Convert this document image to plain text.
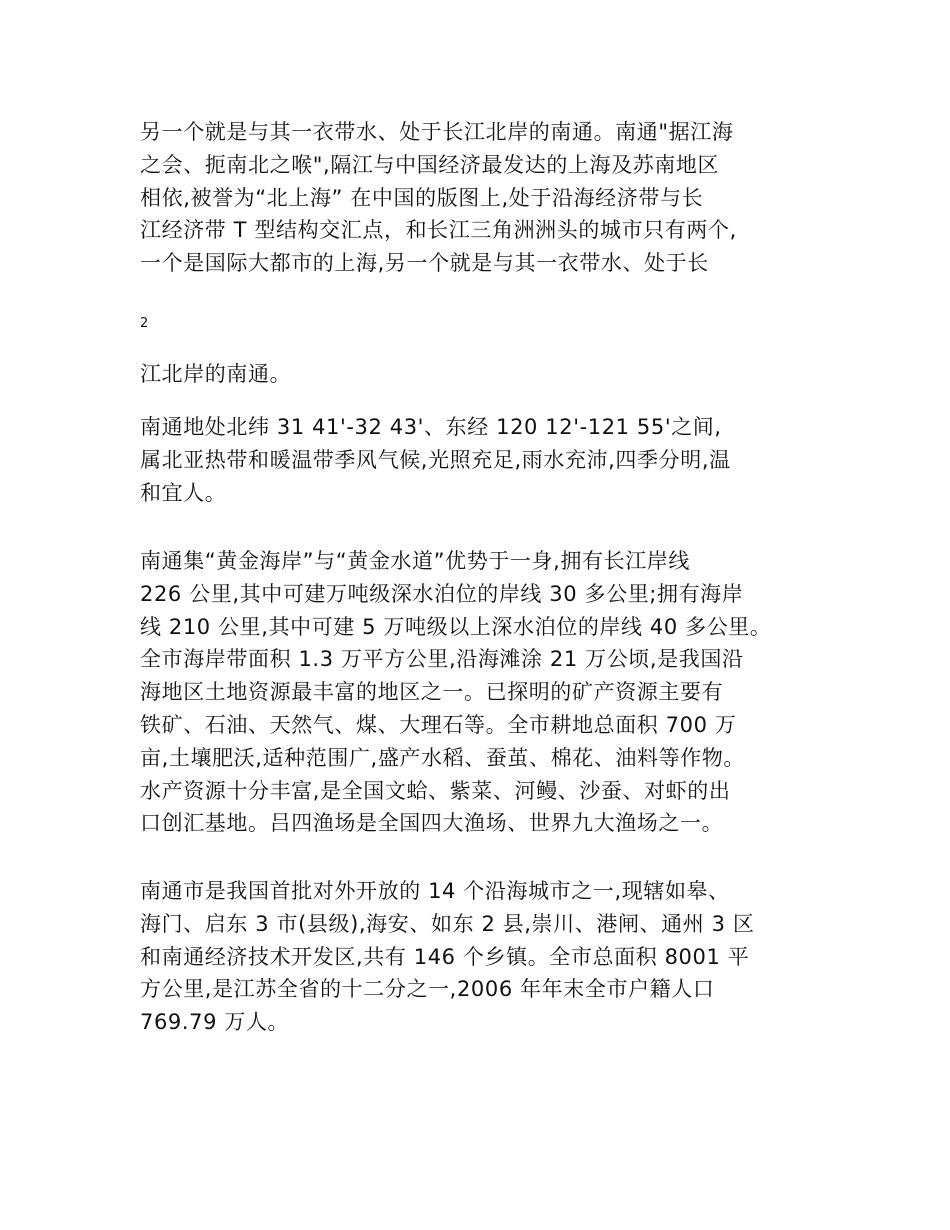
另一个就是与其一衣带水、处于长江北岸的南通。南通"据江海
之会、扼南北之喉",隔江与中国经济最发达的上海及苏南地区
相依,被誉为“北上海” 在中国的版图上,处于沿海经济带与长
江经济带 T 型结构交汇点，和长江三角洲洲头的城市只有两个,
一个是国际大都市的上海,另一个就是与其一衣带水、处于长

2

江北岸的南通。

南通地处北纬 31 41'-32 43'、东经 120 12'-121 55'之间,
属北亚热带和暖温带季风气候,光照充足,雨水充沛,四季分明,温
和宜人。

南通集“黄金海岸”与“黄金水道”优势于一身,拥有长江岸线
226 公里,其中可建万吨级深水泊位的岸线 30 多公里;拥有海岸
线 210 公里,其中可建 5 万吨级以上深水泊位的岸线 40 多公里。
全市海岸带面积 1.3 万平方公里,沿海滩涂 21 万公顷,是我国沿
海地区土地资源最丰富的地区之一。已探明的矿产资源主要有
铁矿、石油、天然气、煤、大理石等。全市耕地总面积 700 万
亩,土壤肥沃,适种范围广,盛产水稻、蚕茧、棉花、油料等作物。
水产资源十分丰富,是全国文蛤、紫菜、河鳗、沙蚕、对虾的出
口创汇基地。吕四渔场是全国四大渔场、世界九大渔场之一。

南通市是我国首批对外开放的 14 个沿海城市之一,现辖如皋、
海门、启东 3 市(县级),海安、如东 2 县,崇川、港闸、通州 3 区
和南通经济技术开发区,共有 146 个乡镇。全市总面积 8001 平
方公里,是江苏全省的十二分之一,2006 年年末全市户籍人口
769.79 万人。
